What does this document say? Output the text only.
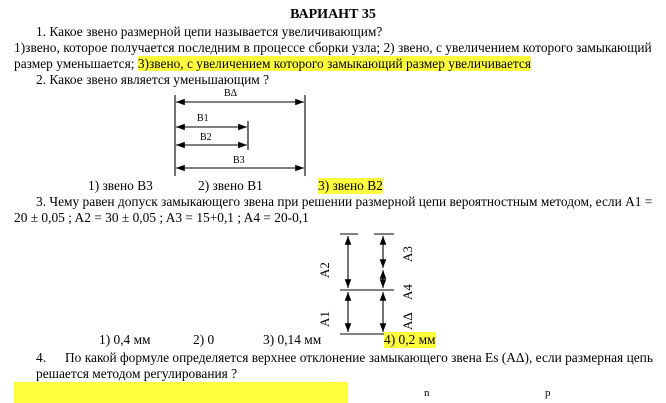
ВАРИАНТ 35
1. Какое звено размерной цепи называется увеличивающим?
1)звено, которое получается последним в процессе сборки узла; 2) звено, с увеличением которого замыкающий
размер уменьшается; 3)звено, с увеличением которого замыкающий размер увеличивается
2. Какое звено является уменьшающим ?
BΔ
B1
B2
B3
A2
A1
A3
A4
AΔ
n	p
1) звено B3	2) звено B1	3) звено B2
3. Чему равен допуск замыкающего звена при решении размерной цепи вероятностным методом, если A1 =
20 ± 0,05 ; A2 = 30 ± 0,05 ; A3 = 15+0,1 ; A4 = 20-0,1
1) 0,4 мм	2) 0	3) 0,14 мм	4) 0,2 мм
4. По какой формуле определяется верхнее отклонение замыкающего звена Es (AΔ), если размерная цепь
решается методом регулирования ?
